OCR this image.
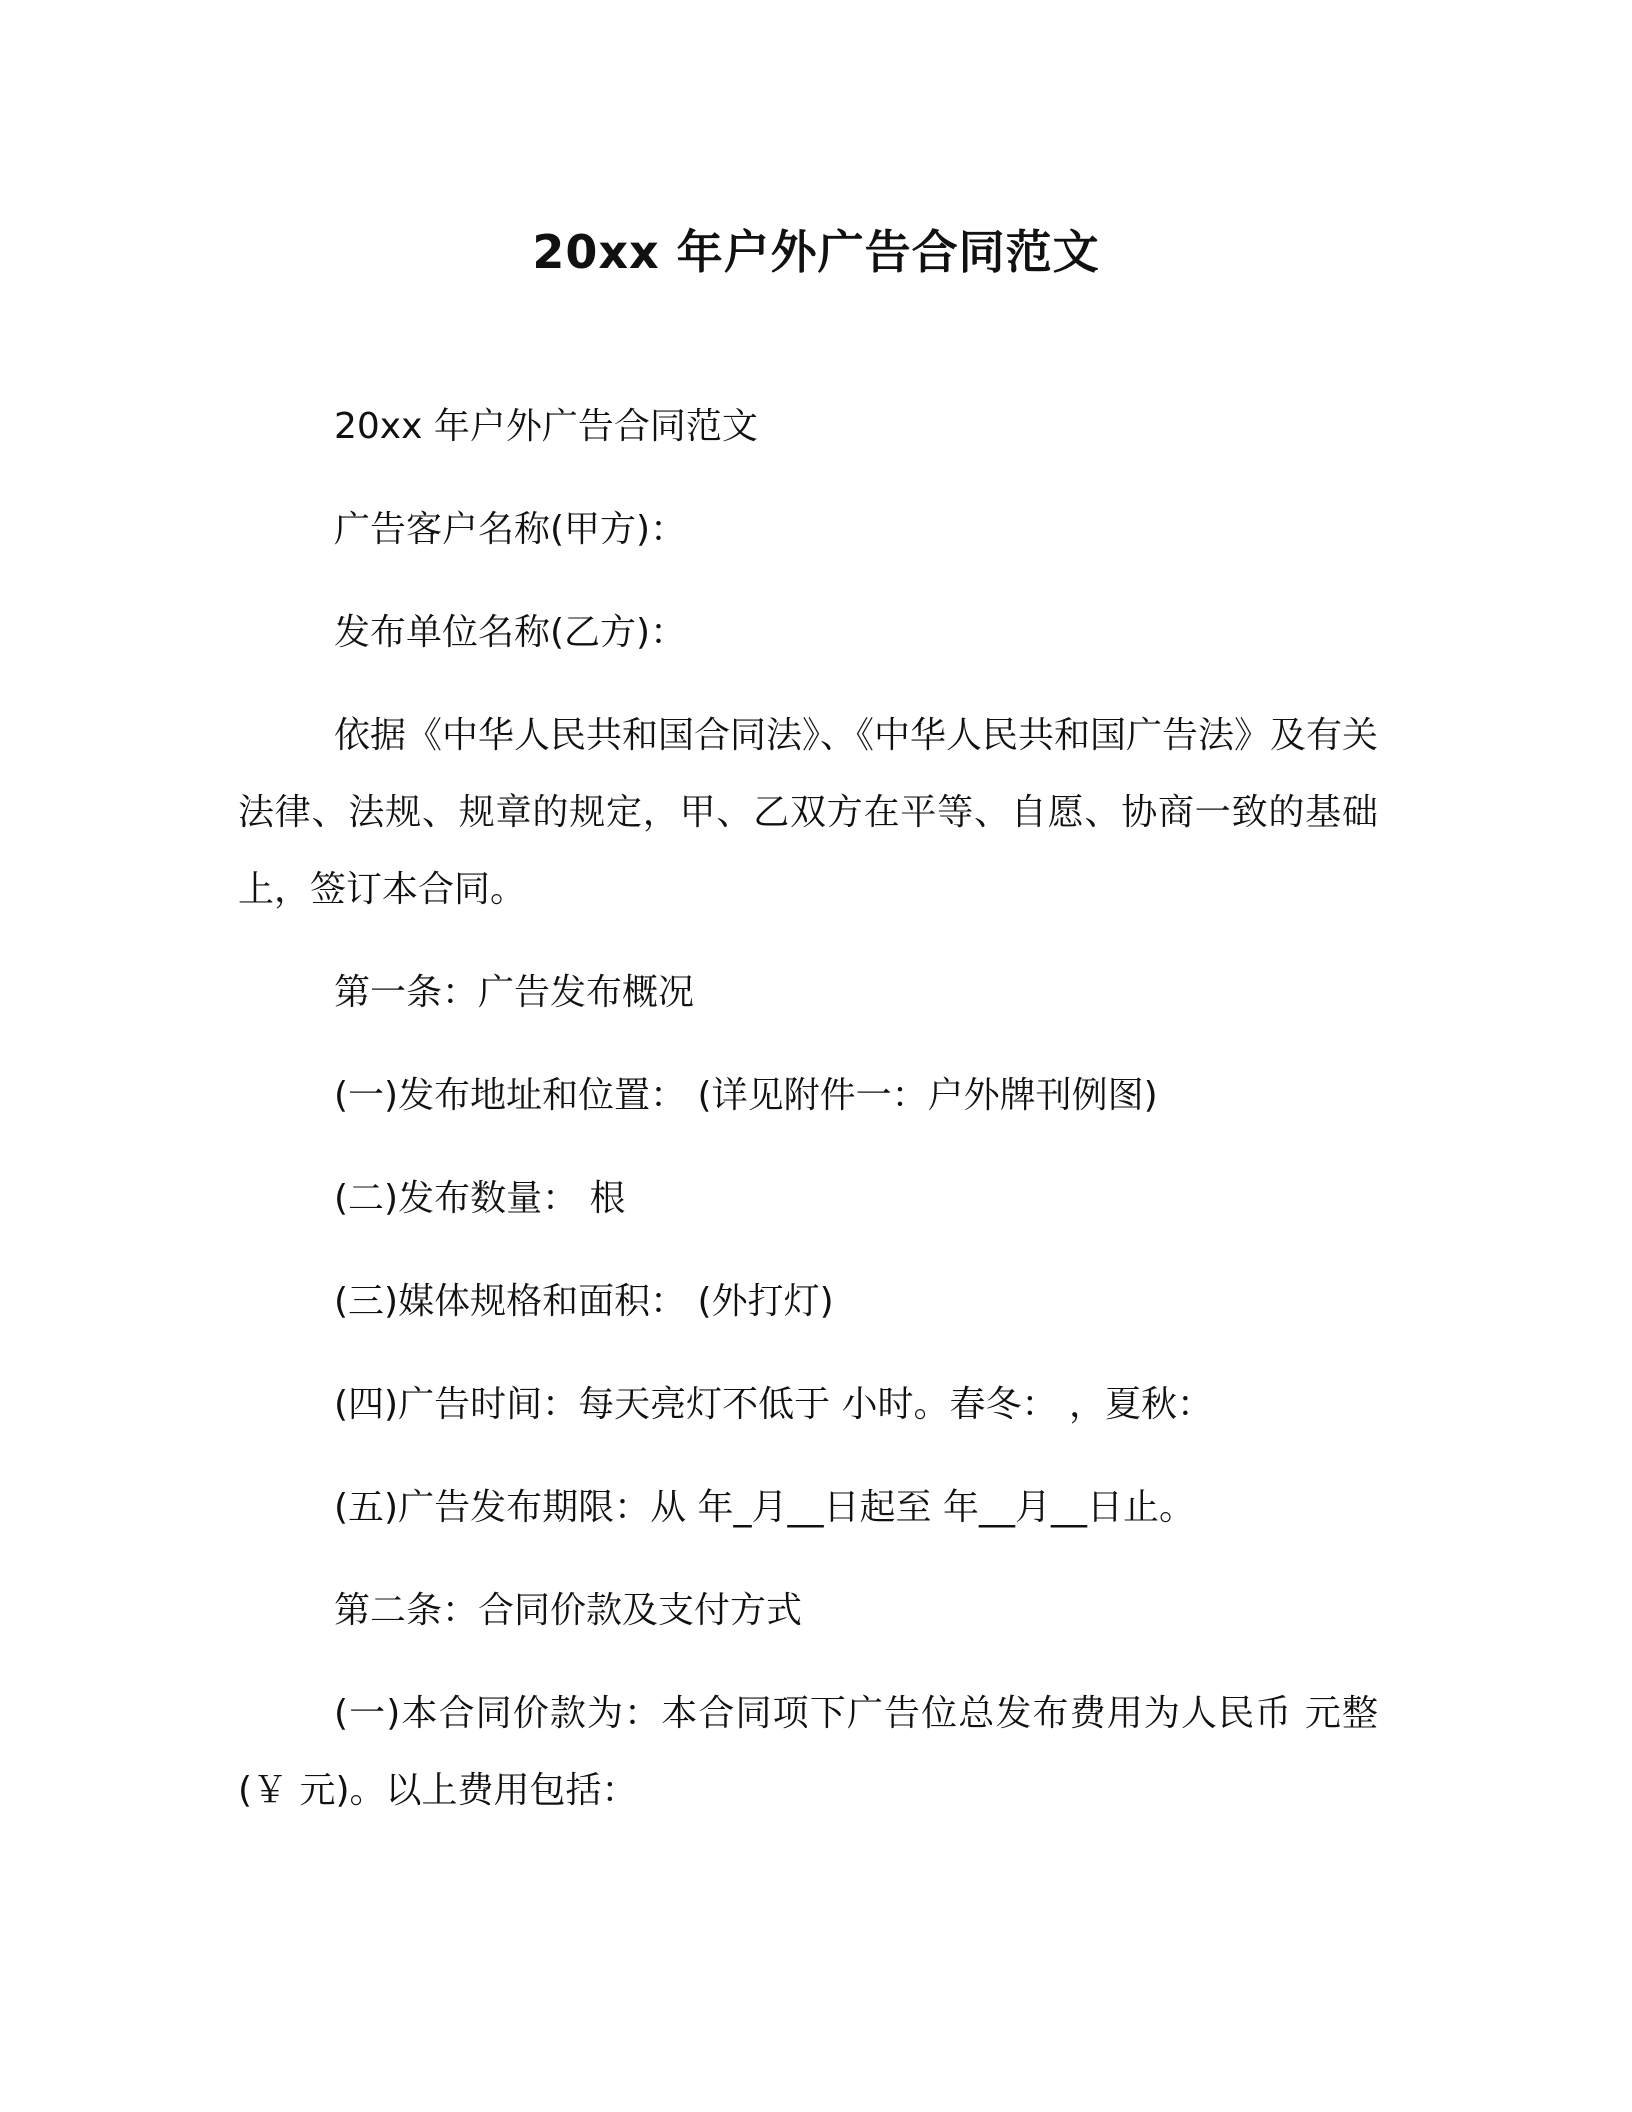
20xx 年户外广告合同范文

20xx 年户外广告合同范文

广告客户名称(甲方)：

发布单位名称(乙方)：

依据《中华人民共和国合同法》、《中华人民共和国广告法》及有关法律、法规、规章的规定，甲、乙双方在平等、自愿、协商一致的基础上，签订本合同。

第一条：广告发布概况

(一)发布地址和位置： (详见附件一：户外牌刊例图)

(二)发布数量： 根

(三)媒体规格和面积： (外打灯)

(四)广告时间：每天亮灯不低于 小时。春冬： ，夏秋：

(五)广告发布期限：从 年_月__日起至 年__月__日止。

第二条：合同价款及支付方式

(一)本合同价款为：本合同项下广告位总发布费用为人民币 元整(￥ 元)。以上费用包括：
